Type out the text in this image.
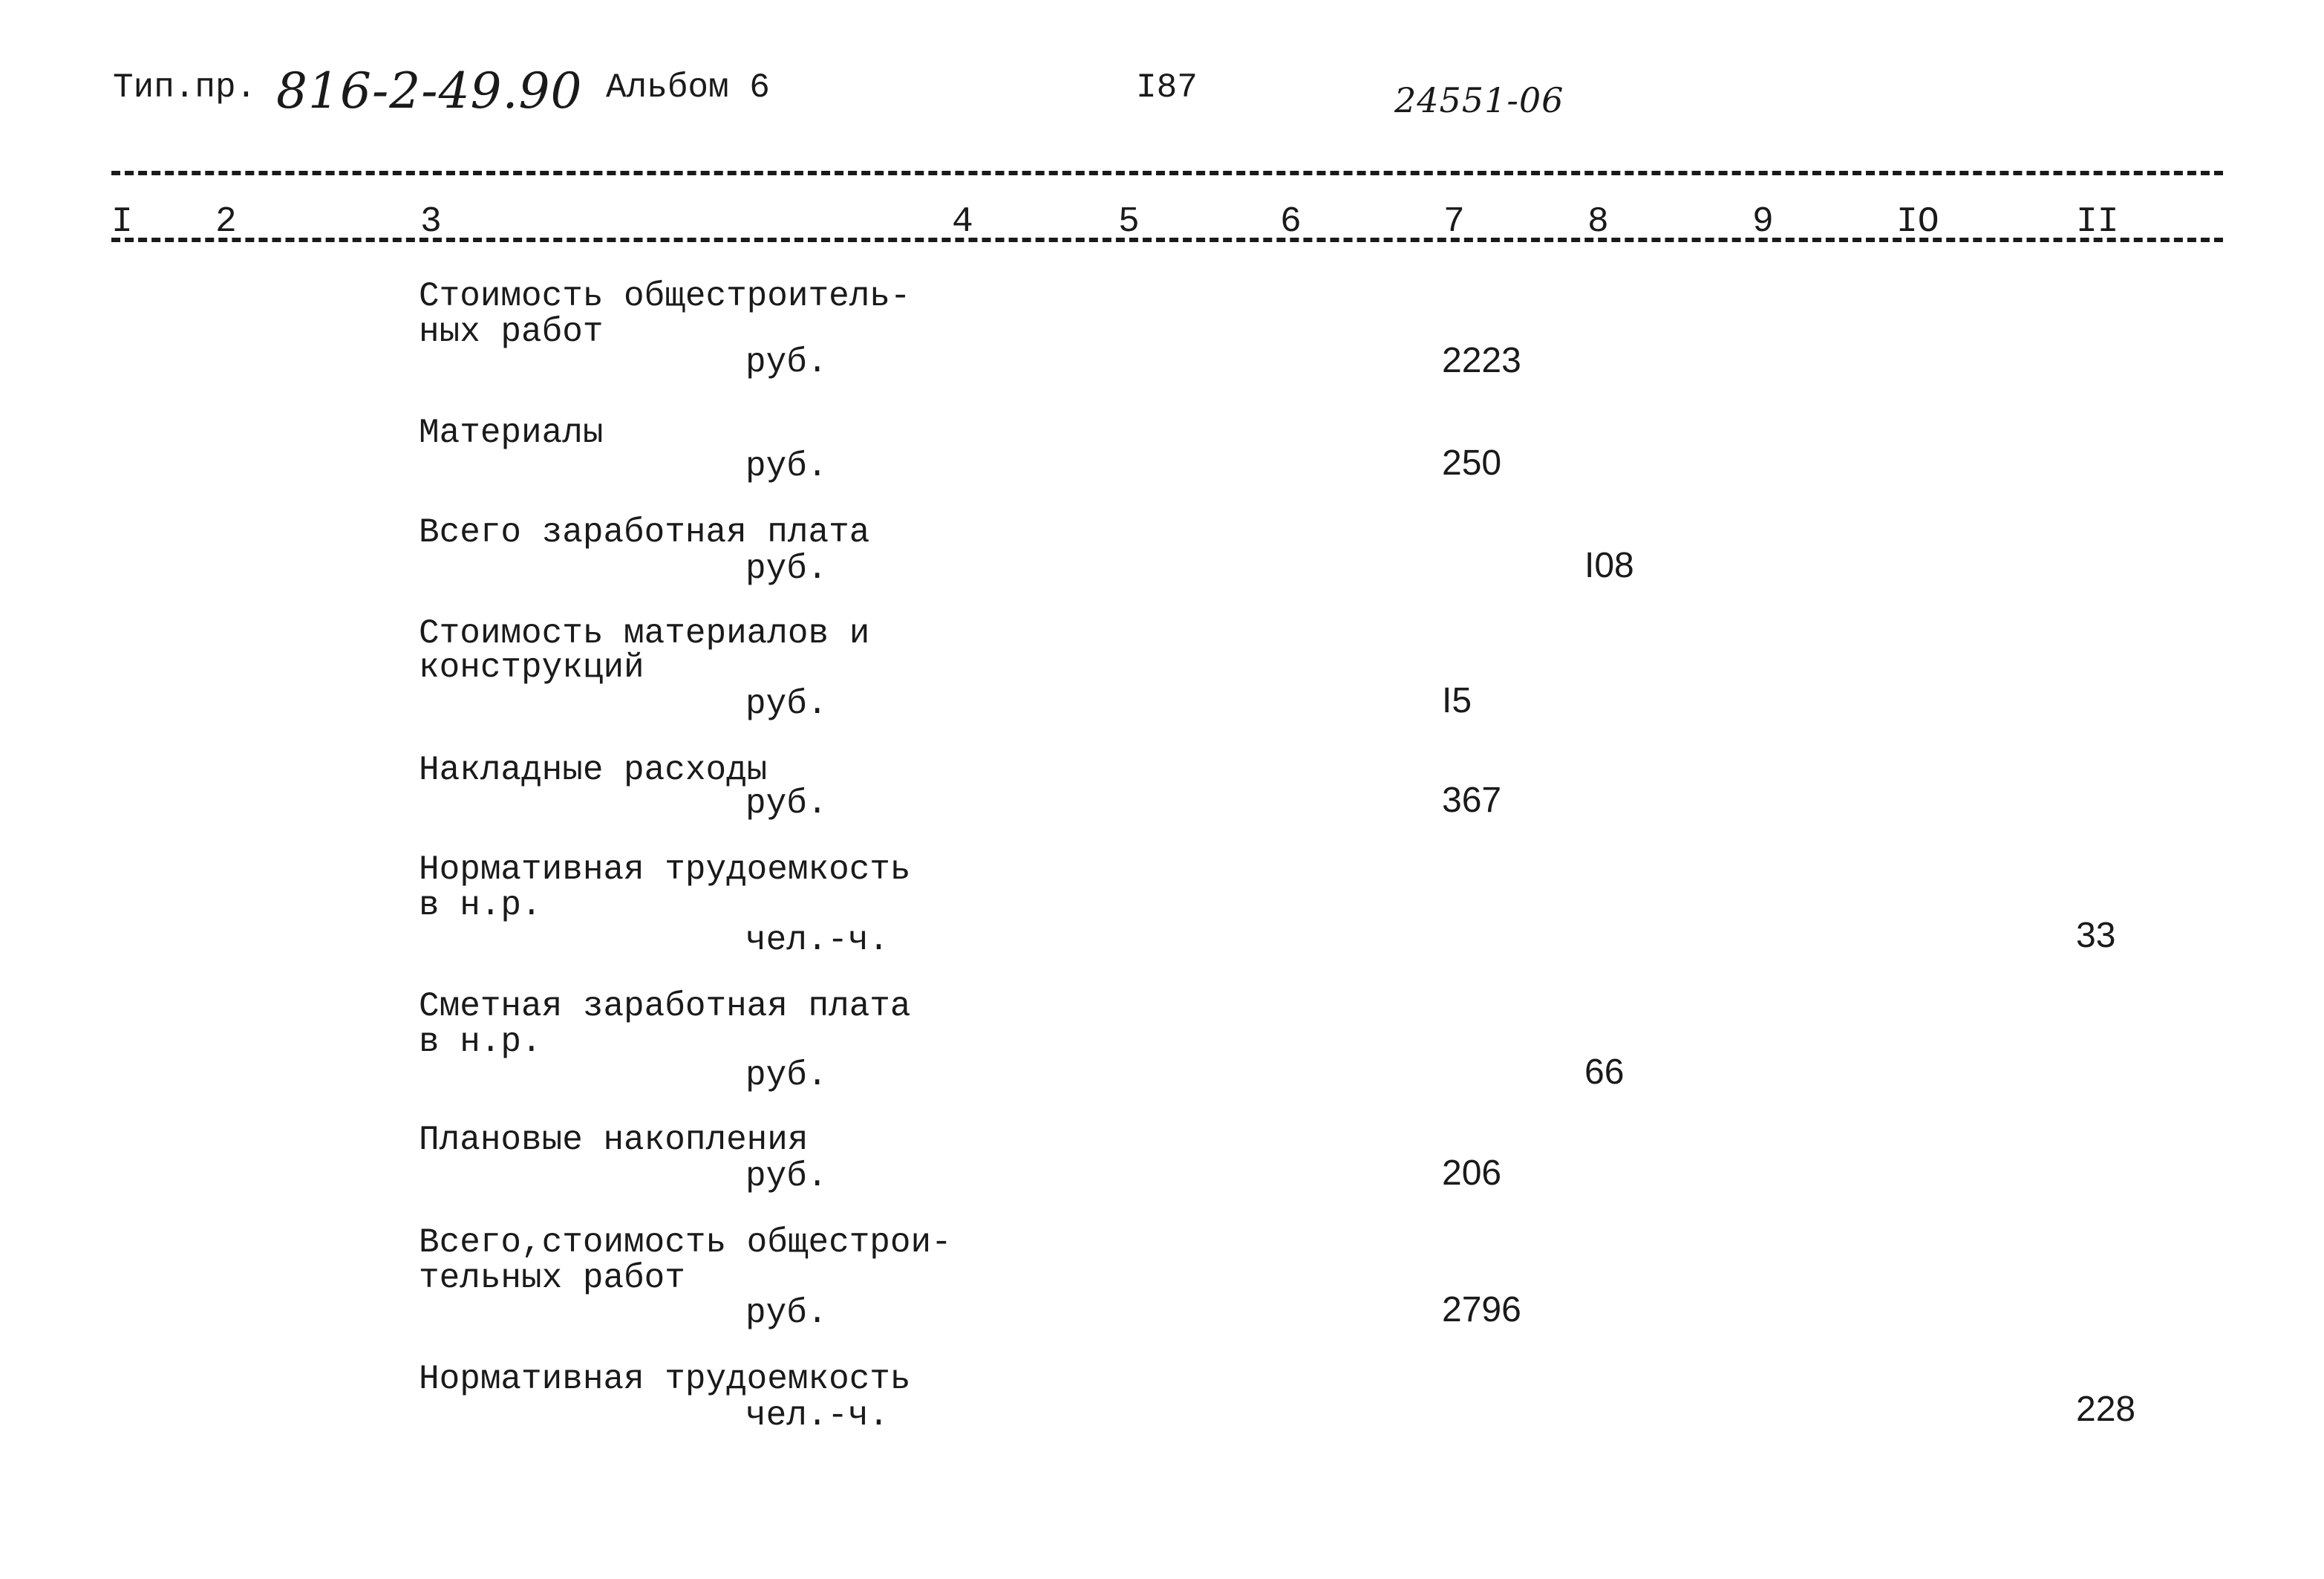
Тип.пр. 816-2-49.90 Альбом 6	I87	24551-06
I 2	3	4	5	6	7	8	9	IO	II
Стоимость общестроитель-
ных работ
руб.	2223
Материалы
руб.	250
Всего заработная плата
руб.	I08
Стоимость материалов и
конструкций
руб.	I5
Накладные расходы
руб.	367
Нормативная трудоемкость
в н.р.
чел.-ч.	33
Сметная заработная плата
в н.р.
руб.	66
Плановые накопления
руб.	206
Всего,стоимость общестрои-
тельных работ
руб.	2796
Нормативная трудоемкость
чел.-ч.	228
